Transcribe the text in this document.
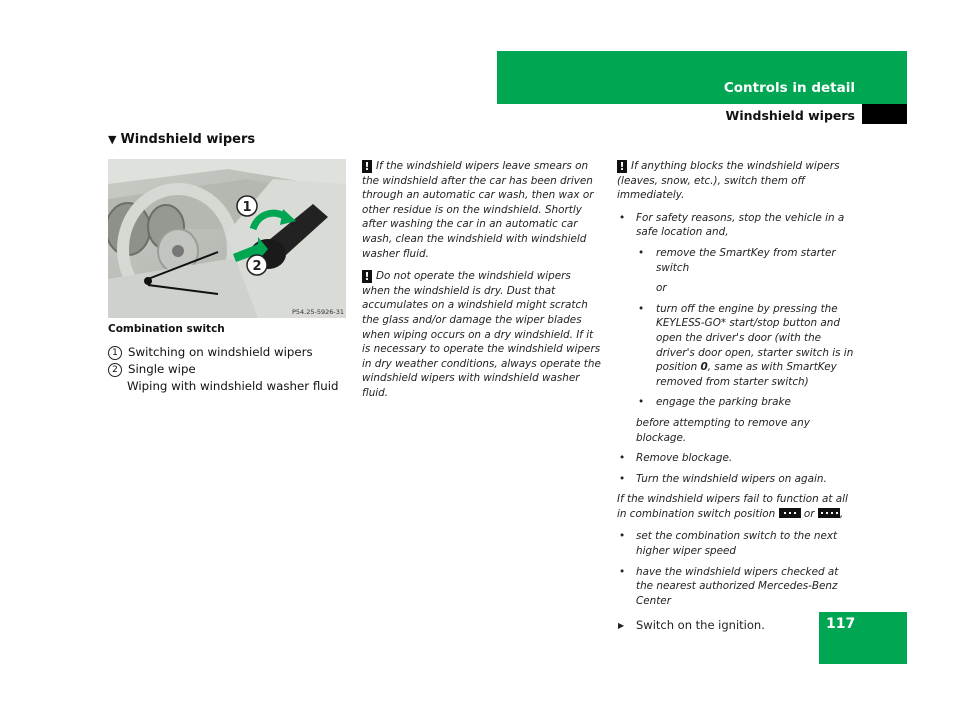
Controls in detail
Windshield wipers
▼ Windshield wipers
1
2
P54.25-5926-31
Combination switch
1 Switching on windshield wipers
2 Single wipe
Wiping with windshield washer fluid

! If the windshield wipers leave smears on the windshield after the car has been driven through an automatic car wash, then wax or other residue is on the windshield. Shortly after washing the car in an automatic car wash, clean the windshield with windshield washer fluid.

! Do not operate the windshield wipers when the windshield is dry. Dust that accumulates on a windshield might scratch the glass and/or damage the wiper blades when wiping occurs on a dry windshield. If it is necessary to operate the windshield wipers in dry weather conditions, always operate the windshield wipers with windshield washer fluid.

! If anything blocks the windshield wipers (leaves, snow, etc.), switch them off immediately.

• For safety reasons, stop the vehicle in a safe location and,
• remove the SmartKey from starter switch
or
• turn off the engine by pressing the KEYLESS-GO* start/stop button and open the driver's door (with the driver's door open, starter switch is in position 0, same as with SmartKey removed from starter switch)
• engage the parking brake
before attempting to remove any blockage.
• Remove blockage.
• Turn the windshield wipers on again.

If the windshield wipers fail to function at all in combination switch position	or ,

• set the combination switch to the next higher wiper speed
• have the windshield wipers checked at the nearest authorized Mercedes-Benz Center
▶ Switch on the ignition.	117
